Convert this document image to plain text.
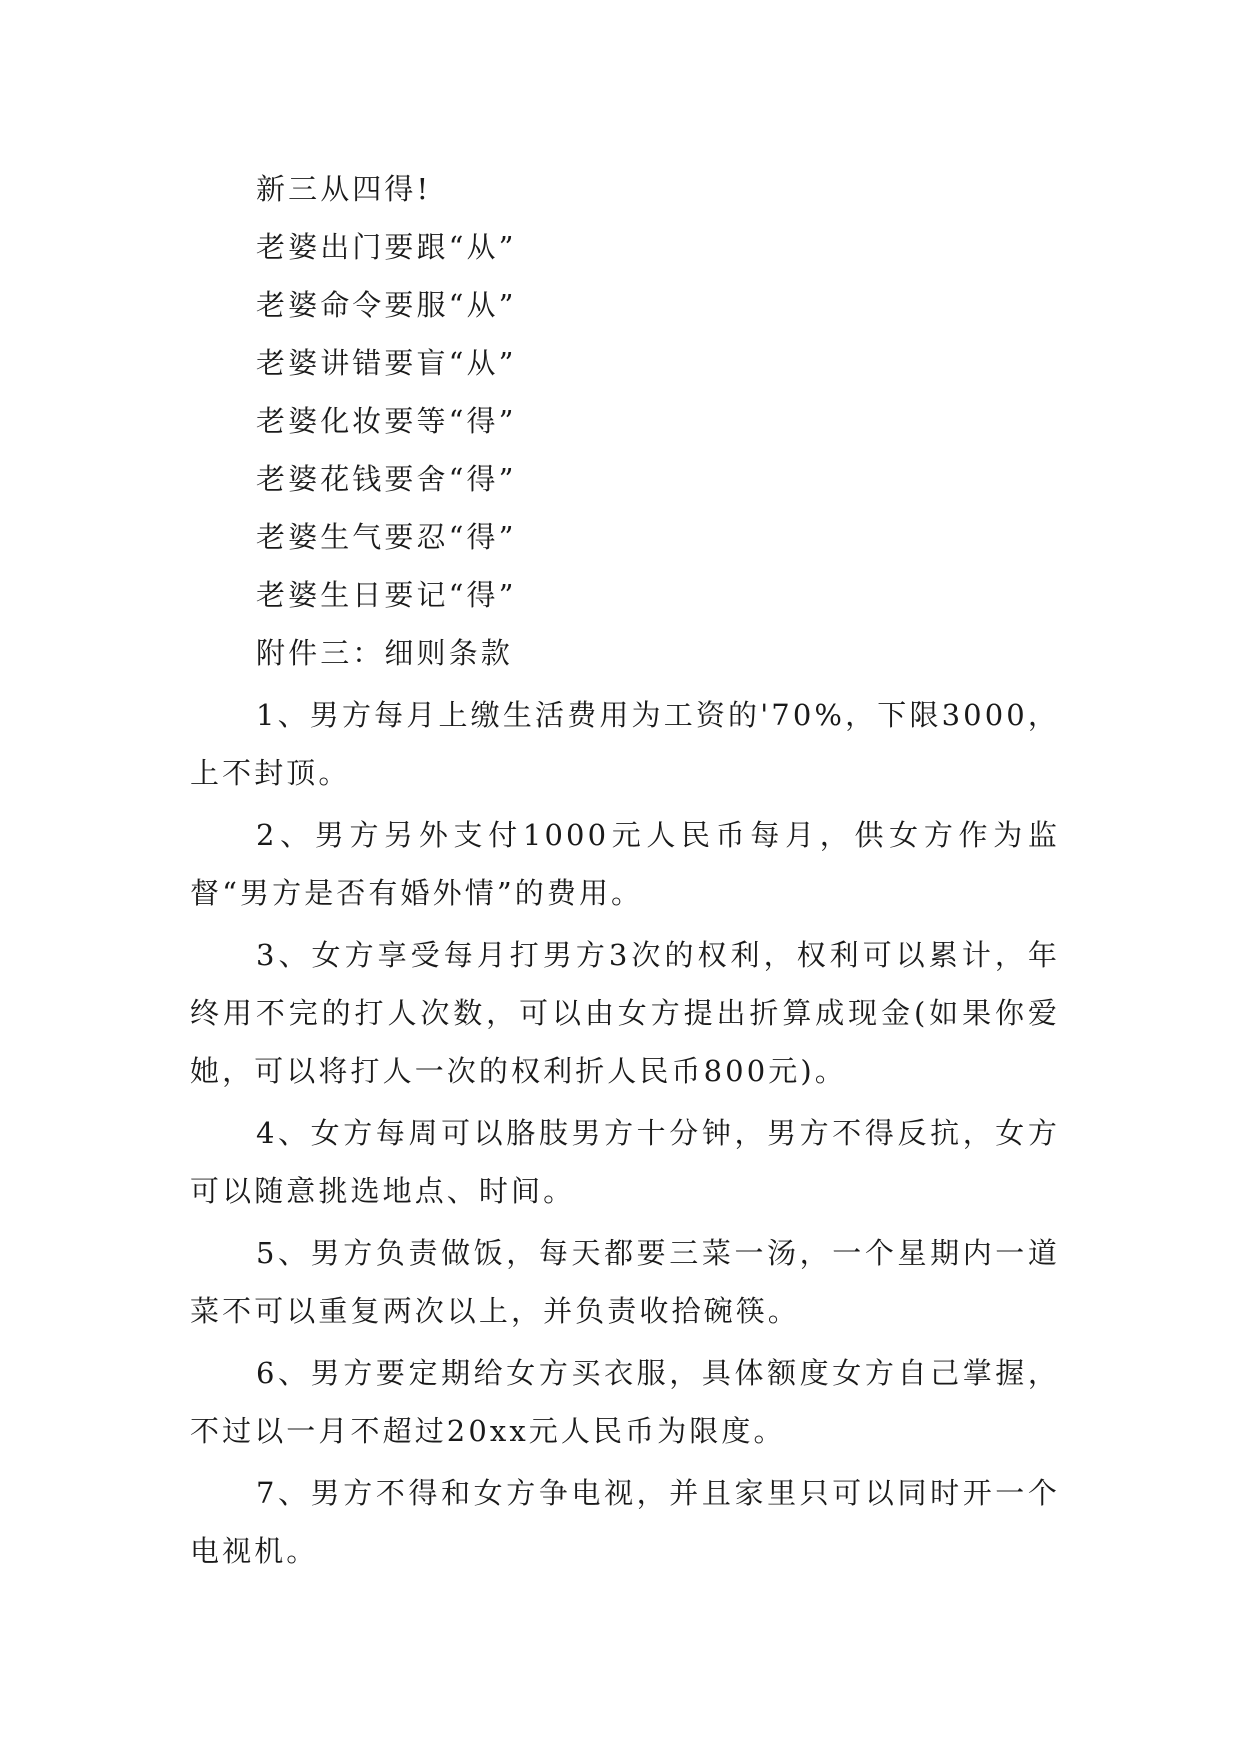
新三从四得!

老婆出门要跟“从”

老婆命令要服“从”

老婆讲错要盲“从”

老婆化妆要等“得”

老婆花钱要舍“得”

老婆生气要忍“得”

老婆生日要记“得”

附件三：细则条款

1、男方每月上缴生活费用为工资的'70%，下限3000，上不封顶。

2、男方另外支付1000元人民币每月，供女方作为监督“男方是否有婚外情”的费用。

3、女方享受每月打男方3次的权利，权利可以累计，年终用不完的打人次数，可以由女方提出折算成现金(如果你爱她，可以将打人一次的权利折人民币800元)。

4、女方每周可以胳肢男方十分钟，男方不得反抗，女方可以随意挑选地点、时间。

5、男方负责做饭，每天都要三菜一汤，一个星期内一道菜不可以重复两次以上，并负责收拾碗筷。

6、男方要定期给女方买衣服，具体额度女方自己掌握，不过以一月不超过20xx元人民币为限度。

7、男方不得和女方争电视，并且家里只可以同时开一个电视机。
